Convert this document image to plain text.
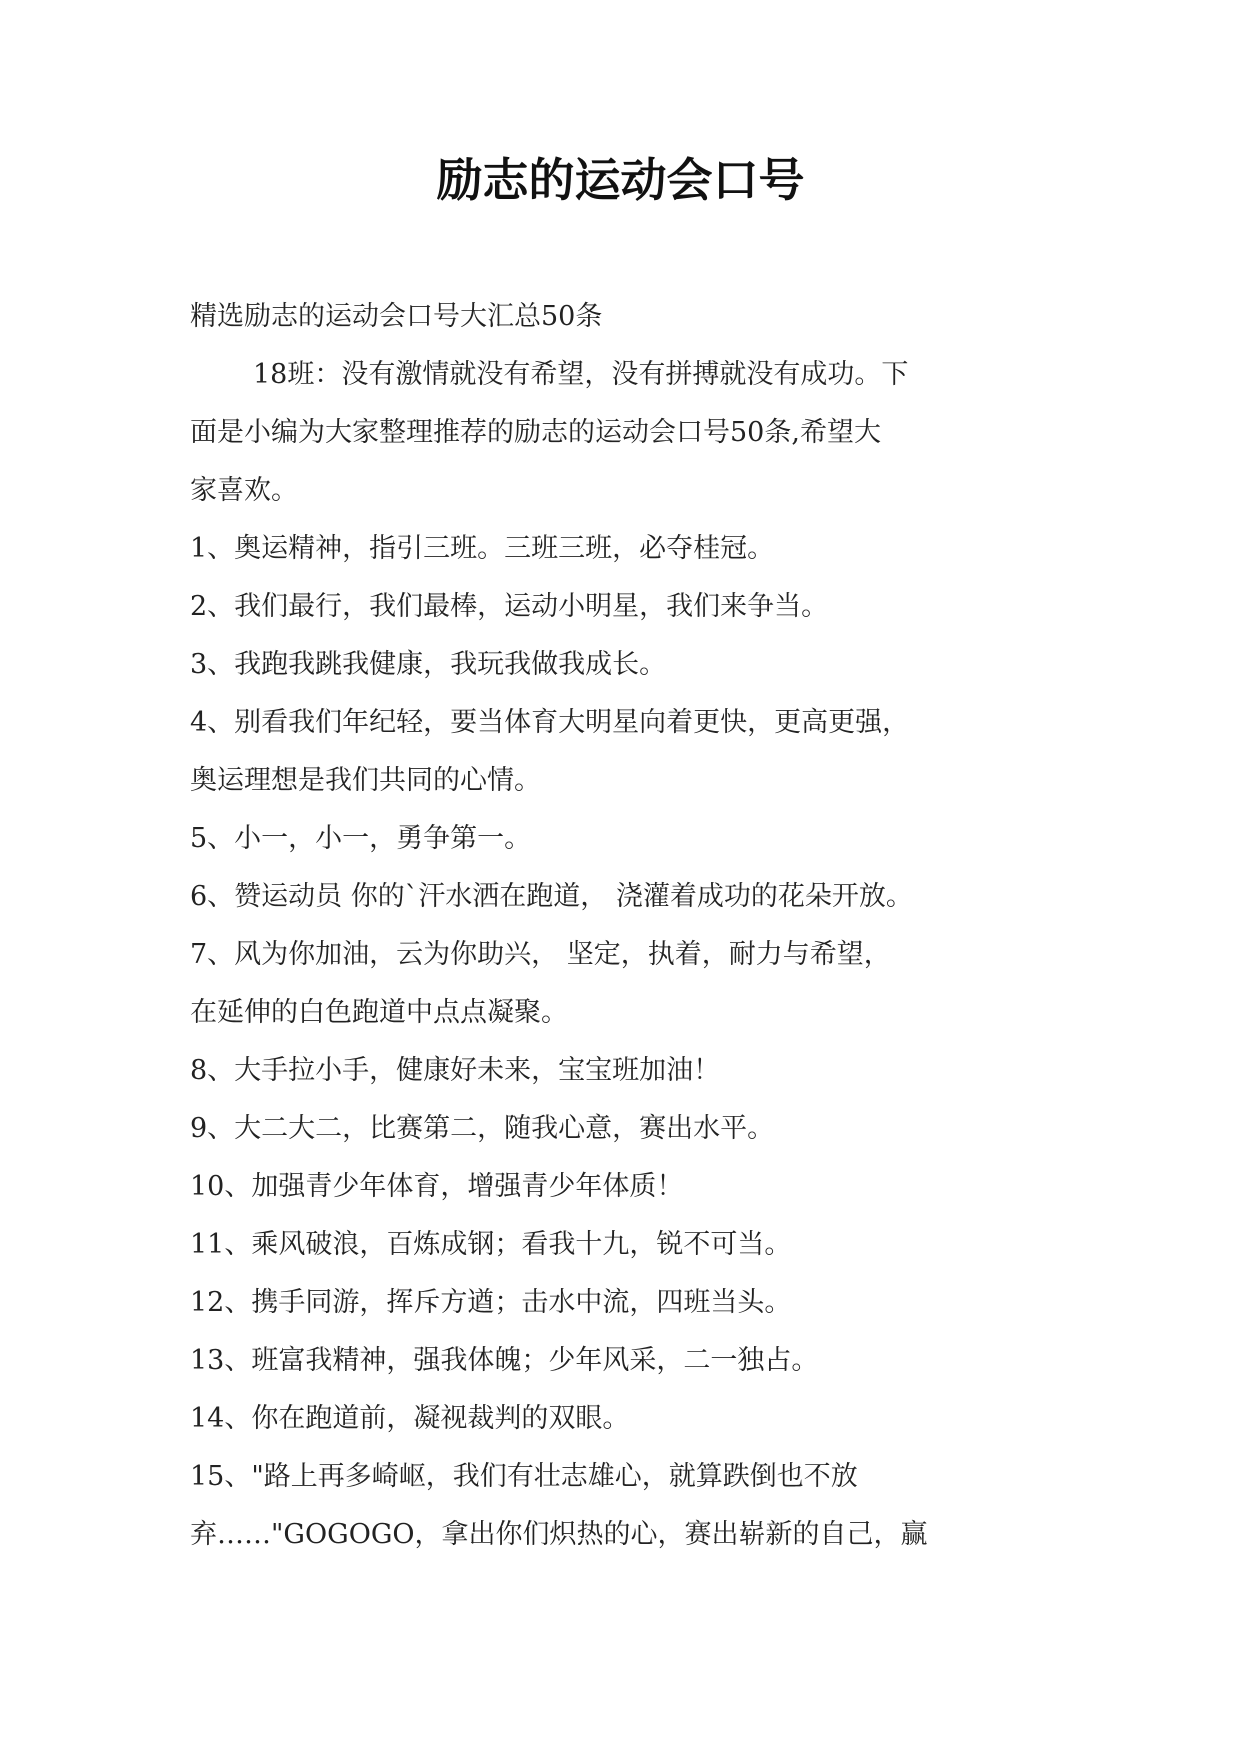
励志的运动会口号
精选励志的运动会口号大汇总50条
18班：没有激情就没有希望，没有拼搏就没有成功。下
面是小编为大家整理推荐的励志的运动会口号50条,希望大
家喜欢。
1、奥运精神，指引三班。三班三班，必夺桂冠。
2、我们最行，我们最棒，运动小明星，我们来争当。
3、我跑我跳我健康，我玩我做我成长。
4、别看我们年纪轻，要当体育大明星向着更快，更高更强，
奥运理想是我们共同的心情。
5、小一，小一，勇争第一。
6、赞运动员 你的`汗水洒在跑道， 浇灌着成功的花朵开放。
7、风为你加油，云为你助兴， 坚定，执着，耐力与希望，
在延伸的白色跑道中点点凝聚。
8、大手拉小手，健康好未来，宝宝班加油！
9、大二大二，比赛第二，随我心意，赛出水平。
10、加强青少年体育，增强青少年体质！
11、乘风破浪，百炼成钢；看我十九，锐不可当。
12、携手同游，挥斥方遒；击水中流，四班当头。
13、班富我精神，强我体魄；少年风采，二一独占。
14、你在跑道前，凝视裁判的双眼。
15、"路上再多崎岖，我们有壮志雄心，就算跌倒也不放
弃……"GOGOGO，拿出你们炽热的心，赛出崭新的自己，赢
